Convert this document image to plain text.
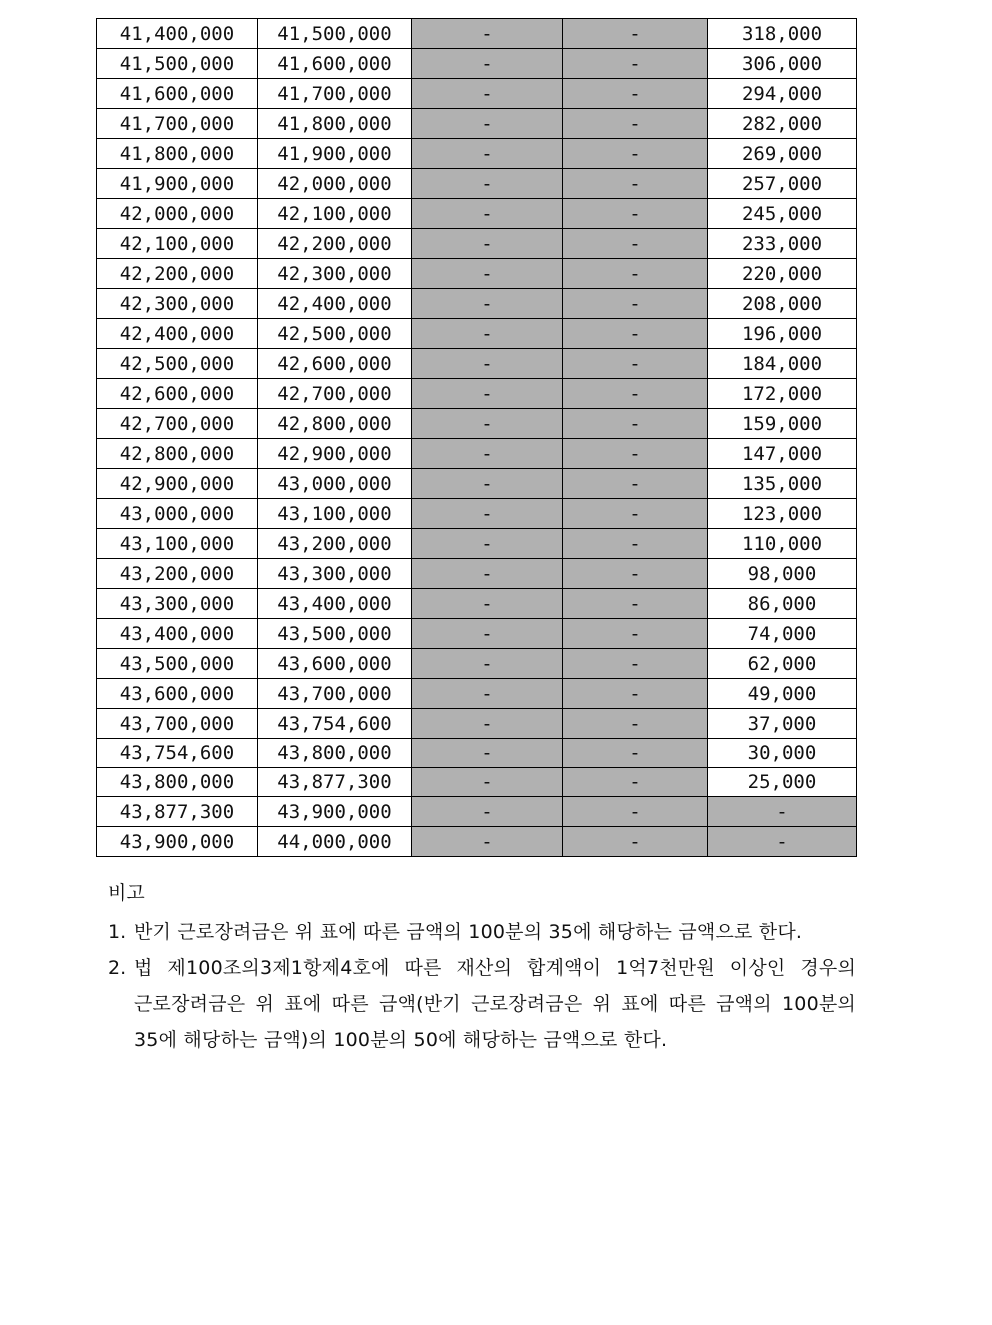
41,400,000	41,500,000	-	-	318,000
41,500,000	41,600,000	-	-	306,000
41,600,000	41,700,000	-	-	294,000
41,700,000	41,800,000	-	-	282,000
41,800,000	41,900,000	-	-	269,000
41,900,000	42,000,000	-	-	257,000
42,000,000	42,100,000	-	-	245,000
42,100,000	42,200,000	-	-	233,000
42,200,000	42,300,000	-	-	220,000
42,300,000	42,400,000	-	-	208,000
42,400,000	42,500,000	-	-	196,000
42,500,000	42,600,000	-	-	184,000
42,600,000	42,700,000	-	-	172,000
42,700,000	42,800,000	-	-	159,000
42,800,000	42,900,000	-	-	147,000
42,900,000	43,000,000	-	-	135,000
43,000,000	43,100,000	-	-	123,000
43,100,000	43,200,000	-	-	110,000
43,200,000	43,300,000	-	-	98,000
43,300,000	43,400,000	-	-	86,000
43,400,000	43,500,000	-	-	74,000
43,500,000	43,600,000	-	-	62,000
43,600,000	43,700,000	-	-	49,000
43,700,000	43,754,600	-	-	37,000
43,754,600	43,800,000	-	-	30,000
43,800,000	43,877,300	-	-	25,000
43,877,300	43,900,000	-	-	-
43,900,000	44,000,000	-	-	-
비고
1. 반기 근로장려금은 위 표에 따른 금액의 100분의 35에 해당하는 금액으로 한다.
2. 법 제100조의3제1항제4호에 따른 재산의 합계액이 1억7천만원 이상인 경우의 근로장려금은 위 표에 따른 금액(반기 근로장려금은 위 표에 따른 금액의 100분의 35에 해당하는 금액)의 100분의 50에 해당하는 금액으로 한다.
